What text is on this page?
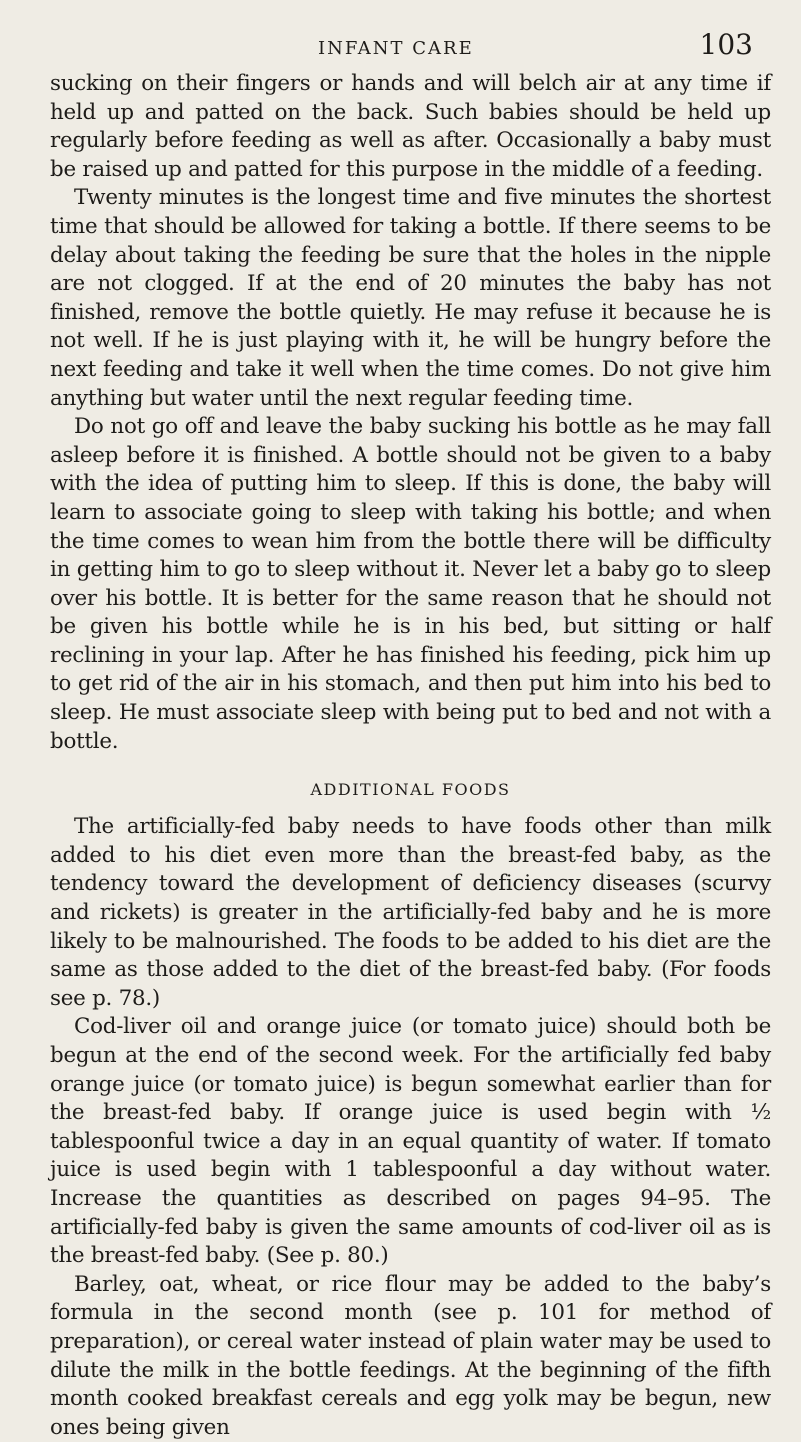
INFANT CARE	103

sucking on their fingers or hands and will belch air at any time if held up and patted on the back. Such babies should be held up regularly before feeding as well as after. Occasionally a baby must be raised up and patted for this purpose in the middle of a feeding.

Twenty minutes is the longest time and five minutes the shortest time that should be allowed for taking a bottle. If there seems to be delay about taking the feeding be sure that the holes in the nipple are not clogged. If at the end of 20 minutes the baby has not finished, remove the bottle quietly. He may refuse it because he is not well. If he is just playing with it, he will be hungry before the next feeding and take it well when the time comes. Do not give him anything but water until the next regular feeding time.

Do not go off and leave the baby sucking his bottle as he may fall asleep before it is finished. A bottle should not be given to a baby with the idea of putting him to sleep. If this is done, the baby will learn to associate going to sleep with taking his bottle; and when the time comes to wean him from the bottle there will be difficulty in getting him to go to sleep without it. Never let a baby go to sleep over his bottle. It is better for the same reason that he should not be given his bottle while he is in his bed, but sitting or half reclining in your lap. After he has finished his feeding, pick him up to get rid of the air in his stomach, and then put him into his bed to sleep. He must associate sleep with being put to bed and not with a bottle.

ADDITIONAL FOODS

The artificially-fed baby needs to have foods other than milk added to his diet even more than the breast-fed baby, as the tendency toward the development of deficiency diseases (scurvy and rickets) is greater in the artificially-fed baby and he is more likely to be malnourished. The foods to be added to his diet are the same as those added to the diet of the breast-fed baby. (For foods see p. 78.)

Cod-liver oil and orange juice (or tomato juice) should both be begun at the end of the second week. For the artificially fed baby orange juice (or tomato juice) is begun somewhat earlier than for the breast-fed baby. If orange juice is used begin with ½ tablespoonful twice a day in an equal quantity of water. If tomato juice is used begin with 1 tablespoonful a day without water. Increase the quantities as described on pages 94–95. The artificially-fed baby is given the same amounts of cod-liver oil as is the breast-fed baby. (See p. 80.)

Barley, oat, wheat, or rice flour may be added to the baby’s formula in the second month (see p. 101 for method of preparation), or cereal water instead of plain water may be used to dilute the milk in the bottle feedings. At the beginning of the fifth month cooked breakfast cereals and egg yolk may be begun, new ones being given
